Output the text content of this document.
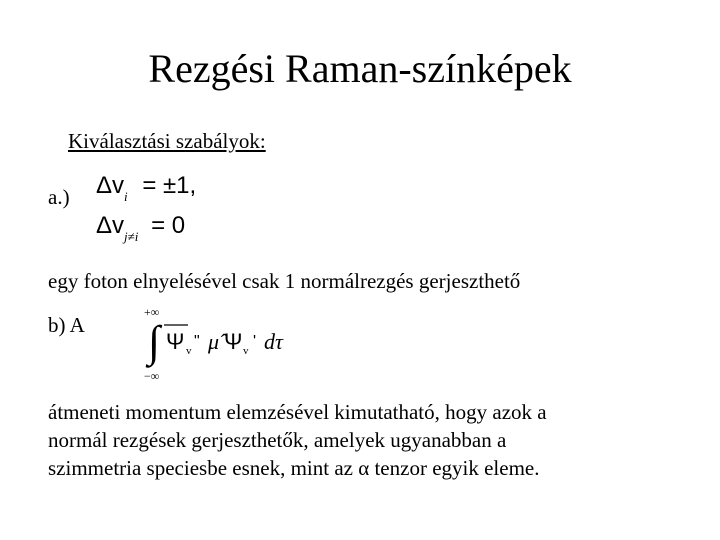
Rezgési Raman-színképek
Kiválasztási szabályok:
a.) $\Delta v_i = \pm 1$,
$\Delta v_{j\ne i} = 0$
egy foton elnyelésével csak 1 normálrezgés gerjeszthető
b) A
+∞
∫
−∞
Ψ v
" μ̂ Ψ v
' dτ
átmeneti momentum elemzésével kimutatható, hogy azok a
normál rezgések gerjeszthetők, amelyek ugyanabban a
szimmetria speciesbe esnek, mint az α tenzor egyik eleme.
